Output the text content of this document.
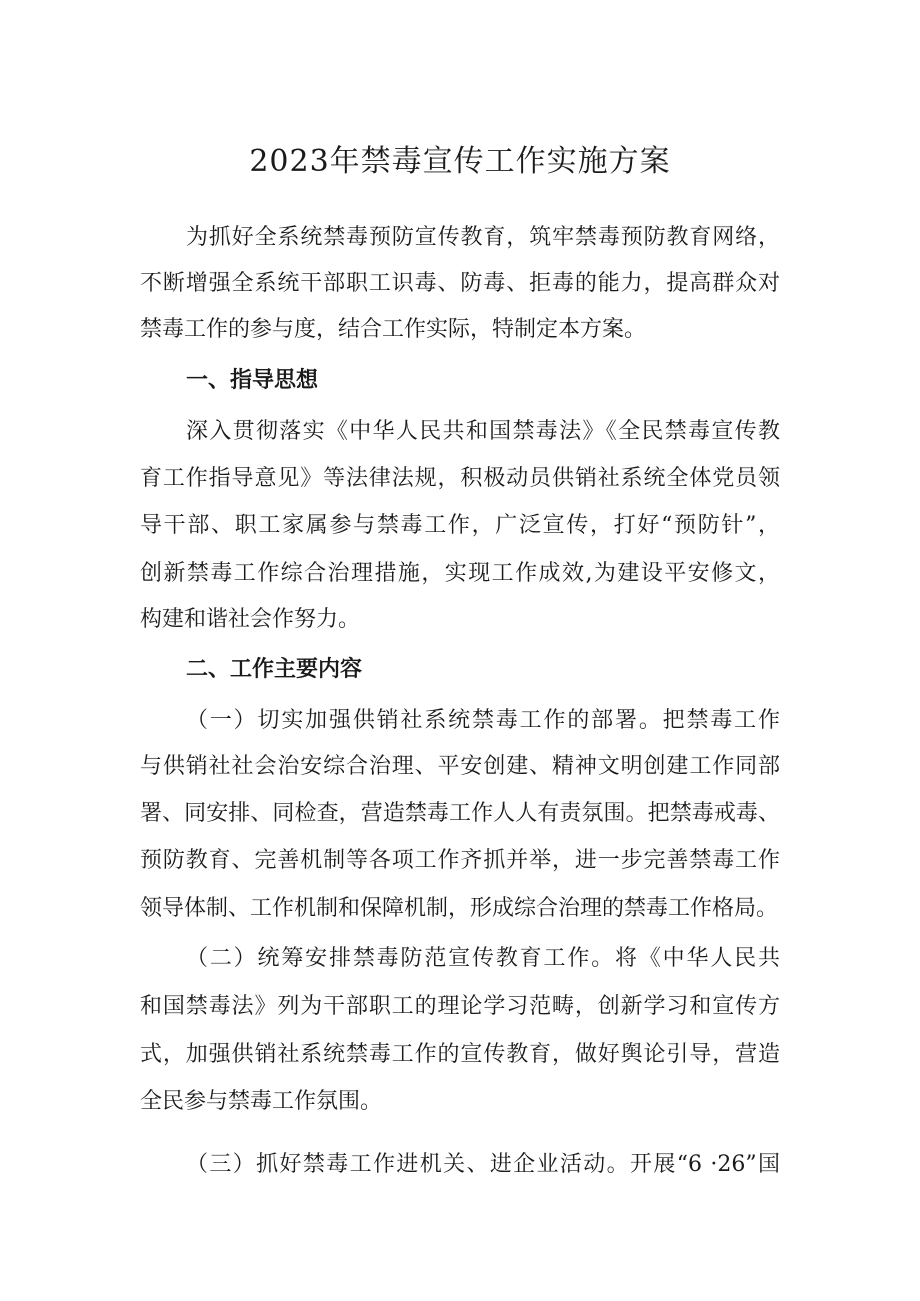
2023年禁毒宣传工作实施方案
为抓好全系统禁毒预防宣传教育，筑牢禁毒预防教育网络，
不断增强全系统干部职工识毒、防毒、拒毒的能力，提高群众对
禁毒工作的参与度，结合工作实际，特制定本方案。
一、指导思想
深入贯彻落实《中华人民共和国禁毒法》《全民禁毒宣传教
育工作指导意见》等法律法规，积极动员供销社系统全体党员领
导干部、职工家属参与禁毒工作，广泛宣传，打好“预防针”，
创新禁毒工作综合治理措施，实现工作成效,为建设平安修文，
构建和谐社会作努力。
二、工作主要内容
（一）切实加强供销社系统禁毒工作的部署。把禁毒工作
与供销社社会治安综合治理、平安创建、精神文明创建工作同部
署、同安排、同检查，营造禁毒工作人人有责氛围。把禁毒戒毒、
预防教育、完善机制等各项工作齐抓并举，进一步完善禁毒工作
领导体制、工作机制和保障机制，形成综合治理的禁毒工作格局。
（二）统筹安排禁毒防范宣传教育工作。将《中华人民共
和国禁毒法》列为干部职工的理论学习范畴，创新学习和宣传方
式，加强供销社系统禁毒工作的宣传教育，做好舆论引导，营造
全民参与禁毒工作氛围。
（三）抓好禁毒工作进机关、进企业活动。开展“6 ·26”国
